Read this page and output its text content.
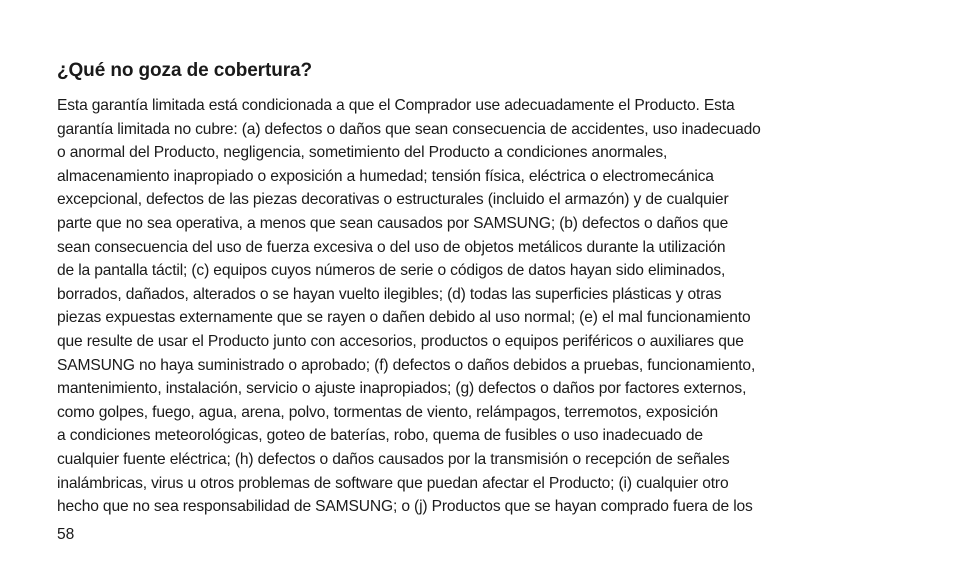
¿Qué no goza de cobertura?
Esta garantía limitada está condicionada a que el Comprador use adecuadamente el Producto. Esta
garantía limitada no cubre: (a) defectos o daños que sean consecuencia de accidentes, uso inadecuado
o anormal del Producto, negligencia, sometimiento del Producto a condiciones anormales,
almacenamiento inapropiado o exposición a humedad; tensión física, eléctrica o electromecánica
excepcional, defectos de las piezas decorativas o estructurales (incluido el armazón) y de cualquier
parte que no sea operativa, a menos que sean causados por SAMSUNG; (b) defectos o daños que
sean consecuencia del uso de fuerza excesiva o del uso de objetos metálicos durante la utilización
de la pantalla táctil; (c) equipos cuyos números de serie o códigos de datos hayan sido eliminados,
borrados, dañados, alterados o se hayan vuelto ilegibles; (d) todas las superficies plásticas y otras
piezas expuestas externamente que se rayen o dañen debido al uso normal; (e) el mal funcionamiento
que resulte de usar el Producto junto con accesorios, productos o equipos periféricos o auxiliares que
SAMSUNG no haya suministrado o aprobado; (f) defectos o daños debidos a pruebas, funcionamiento,
mantenimiento, instalación, servicio o ajuste inapropiados; (g) defectos o daños por factores externos,
como golpes, fuego, agua, arena, polvo, tormentas de viento, relámpagos, terremotos, exposición
a condiciones meteorológicas, goteo de baterías, robo, quema de fusibles o uso inadecuado de
cualquier fuente eléctrica; (h) defectos o daños causados por la transmisión o recepción de señales
inalámbricas, virus u otros problemas de software que puedan afectar el Producto; (i) cualquier otro
hecho que no sea responsabilidad de SAMSUNG; o (j) Productos que se hayan comprado fuera de los
58
